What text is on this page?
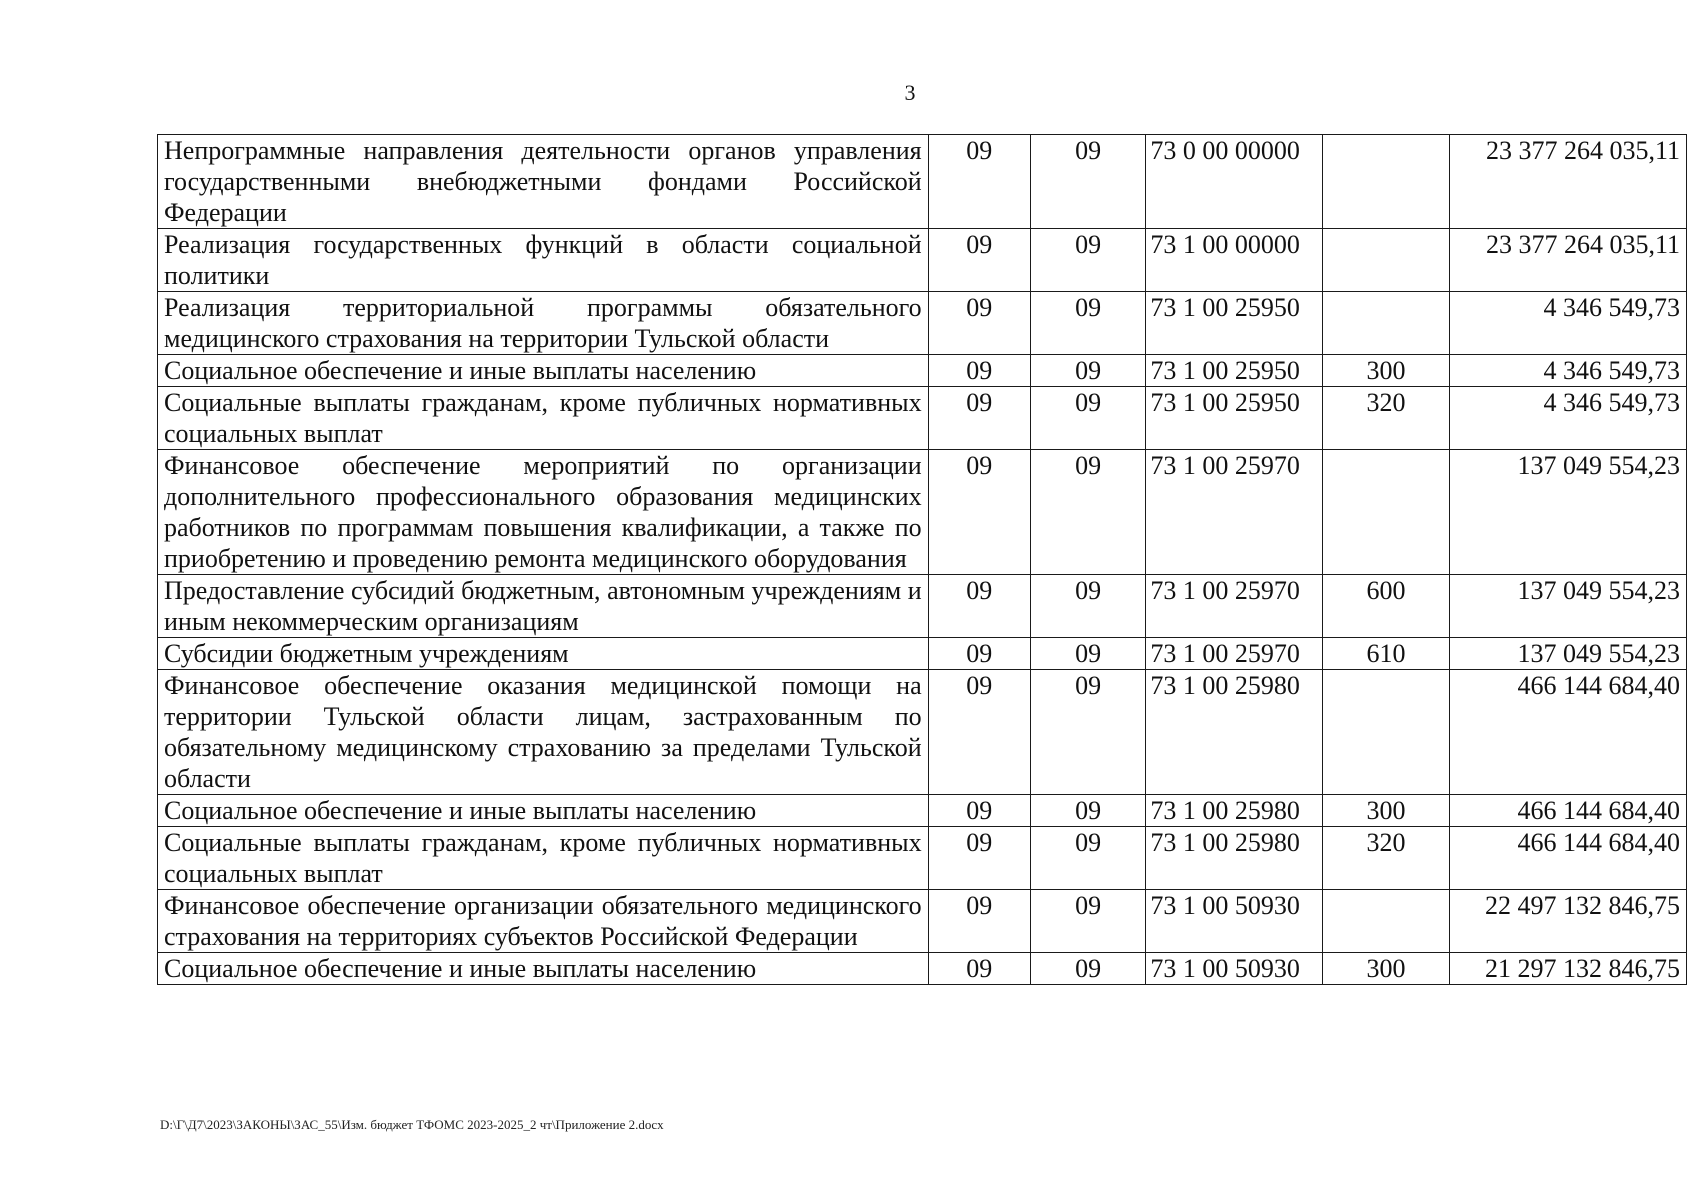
3
Непрограммные направления деятельности органов управления государственными внебюджетными фондами Российской Федерации	09	09	73 0 00 00000		23 377 264 035,11
Реализация государственных функций в области социальной политики	09	09	73 1 00 00000		23 377 264 035,11
Реализация территориальной программы обязательного медицинского страхования на территории Тульской области	09	09	73 1 00 25950		4 346 549,73
Социальное обеспечение и иные выплаты населению	09	09	73 1 00 25950	300	4 346 549,73
Социальные выплаты гражданам, кроме публичных нормативных социальных выплат	09	09	73 1 00 25950	320	4 346 549,73
Финансовое обеспечение мероприятий по организации дополнительного профессионального образования медицинских работников по программам повышения квалификации, а также по приобретению и проведению ремонта медицинского оборудования	09	09	73 1 00 25970		137 049 554,23
Предоставление субсидий бюджетным, автономным учреждениям и иным некоммерческим организациям	09	09	73 1 00 25970	600	137 049 554,23
Субсидии бюджетным учреждениям	09	09	73 1 00 25970	610	137 049 554,23
Финансовое обеспечение оказания медицинской помощи на территории Тульской области лицам, застрахованным по обязательному медицинскому страхованию за пределами Тульской области	09	09	73 1 00 25980		466 144 684,40
Социальное обеспечение и иные выплаты населению	09	09	73 1 00 25980	300	466 144 684,40
Социальные выплаты гражданам, кроме публичных нормативных социальных выплат	09	09	73 1 00 25980	320	466 144 684,40
Финансовое обеспечение организации обязательного медицинского страхования на территориях субъектов Российской Федерации	09	09	73 1 00 50930		22 497 132 846,75
Социальное обеспечение и иные выплаты населению	09	09	73 1 00 50930	300	21 297 132 846,75
D:\Г\Д7\2023\ЗАКОНЫ\ЗАС_55\Изм. бюджет ТФОМС 2023-2025_2 чт\Приложение 2.docx
